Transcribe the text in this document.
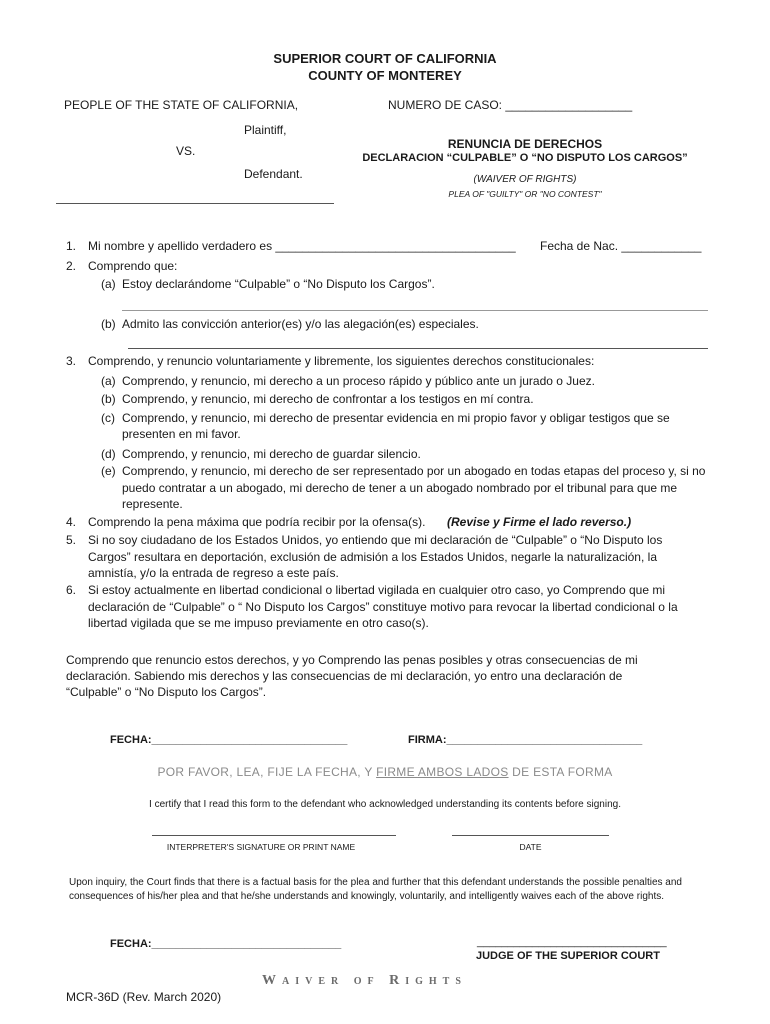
SUPERIOR COURT OF CALIFORNIA
COUNTY OF MONTEREY
PEOPLE OF THE STATE OF CALIFORNIA,
Plaintiff,
VS.
Defendant.
NUMERO DE CASO: ___________________
RENUNCIA DE DERECHOS
DECLARACION “CULPABLE” O “NO DISPUTO LOS CARGOS”
(WAIVER OF RIGHTS)
PLEA OF "GUILTY" OR "NO CONTEST"
1. Mi nombre y apellido verdadero es ____________________________________ Fecha de Nac. ____________
2. Comprendo que:
(a) Estoy declarándome “Culpable” o “No Disputo los Cargos”.
(b) Admito las convicción anterior(es) y/o las alegación(es) especiales.
3. Comprendo, y renuncio voluntariamente y libremente, los siguientes derechos constitucionales:
(a) Comprendo, y renuncio, mi derecho a un proceso rápido y público ante un jurado o Juez.
(b) Comprendo, y renuncio, mi derecho de confrontar a los testigos en mí contra.
(c) Comprendo, y renuncio, mi derecho de presentar evidencia en mi propio favor y obligar testigos que se presenten en mi favor.
(d) Comprendo, y renuncio, mi derecho de guardar silencio.
(e) Comprendo, y renuncio, mi derecho de ser representado por un abogado en todas etapas del proceso y, si no puedo contratar a un abogado, mi derecho de tener a un abogado nombrado por el tribunal para que me represente.
4. Comprendo la pena máxima que podría recibir por la ofensa(s). (Revise y Firme el lado reverso.)
5. Si no soy ciudadano de los Estados Unidos, yo entiendo que mi declaración de “Culpable” o “No Disputo los Cargos” resultara en deportación, exclusión de admisión a los Estados Unidos, negarle la naturalización, la amnistía, y/o la entrada de regreso a este país.
6. Si estoy actualmente en libertad condicional o libertad vigilada en cualquier otro caso, yo Comprendo que mi declaración de “Culpable” o “ No Disputo los Cargos” constituye motivo para revocar la libertad condicional o la libertad vigilada que se me impuso previamente en otro caso(s).
Comprendo que renuncio estos derechos, y yo Comprendo las penas posibles y otras consecuencias de mi declaración. Sabiendo mis derechos y las consecuencias de mi declaración, yo entro una declaración de “Culpable” o “No Disputo los Cargos”.
FECHA:________________________________	FIRMA:________________________________
POR FAVOR, LEA, FIJE LA FECHA, Y FIRME AMBOS LADOS DE ESTA FORMA
I certify that I read this form to the defendant who acknowledged understanding its contents before signing.
INTERPRETER'S SIGNATURE OR PRINT NAME	DATE
Upon inquiry, the Court finds that there is a factual basis for the plea and further that this defendant understands the possible penalties and consequences of his/her plea and that he/she understands and knowingly, voluntarily, and intelligently waives each of the above rights.
FECHA:_______________________________	_______________________________
JUDGE OF THE SUPERIOR COURT
Waiver of Rights
MCR-36D (Rev. March 2020)
